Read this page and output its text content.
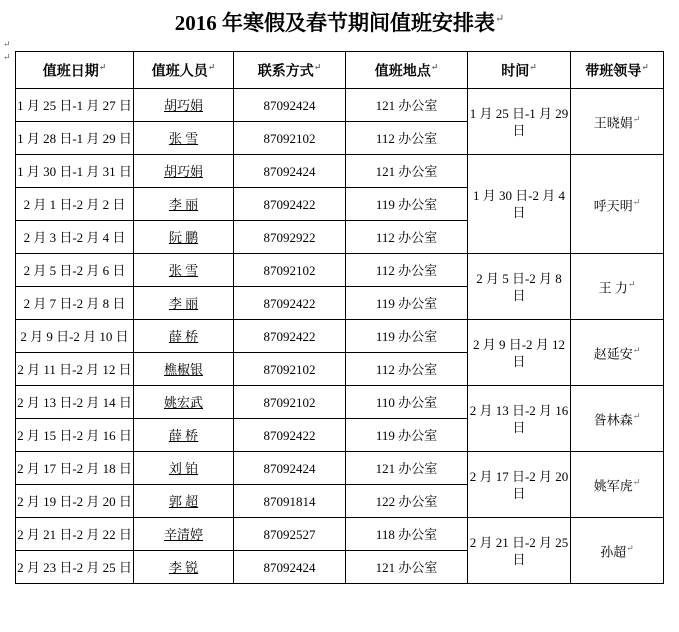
↵
↵
2016 年寒假及春节期间值班安排表↵
值班日期↵	值班人员↵	联系方式↵	值班地点↵	时间↵	带班领导↵
1 月 25 日-1 月 27 日	胡巧娟	87092424	121 办公室	1 月 25 日-1 月 29 日	王晓娟↵
1 月 28 日-1 月 29 日	张 雪	87092102	112 办公室		
1 月 30 日-1 月 31 日	胡巧娟	87092424	121 办公室	1 月 30 日-2 月 4 日	呼天明↵
2 月 1 日-2 月 2 日	李 丽	87092422	119 办公室		
2 月 3 日-2 月 4 日	阮 鹏	87092922	112 办公室		
2 月 5 日-2 月 6 日	张 雪	87092102	112 办公室	2 月 5 日-2 月 8 日	王 力↵
2 月 7 日-2 月 8 日	李 丽	87092422	119 办公室		
2 月 9 日-2 月 10 日	薛 桥	87092422	119 办公室	2 月 9 日-2 月 12 日	赵延安↵
2 月 11 日-2 月 12 日	樵椒银	87092102	112 办公室		
2 月 13 日-2 月 14 日	姚宏武	87092102	110 办公室	2 月 13 日-2 月 16 日	昝林森↵
2 月 15 日-2 月 16 日	薛 桥	87092422	119 办公室		
2 月 17 日-2 月 18 日	刘 铂	87092424	121 办公室	2 月 17 日-2 月 20 日	姚军虎↵
2 月 19 日-2 月 20 日	郭 超	87091814	122 办公室		
2 月 21 日-2 月 22 日	辛清婷	87092527	118 办公室	2 月 21 日-2 月 25 日	孙超↵
2 月 23 日-2 月 25 日	李 锐	87092424	121 办公室		
